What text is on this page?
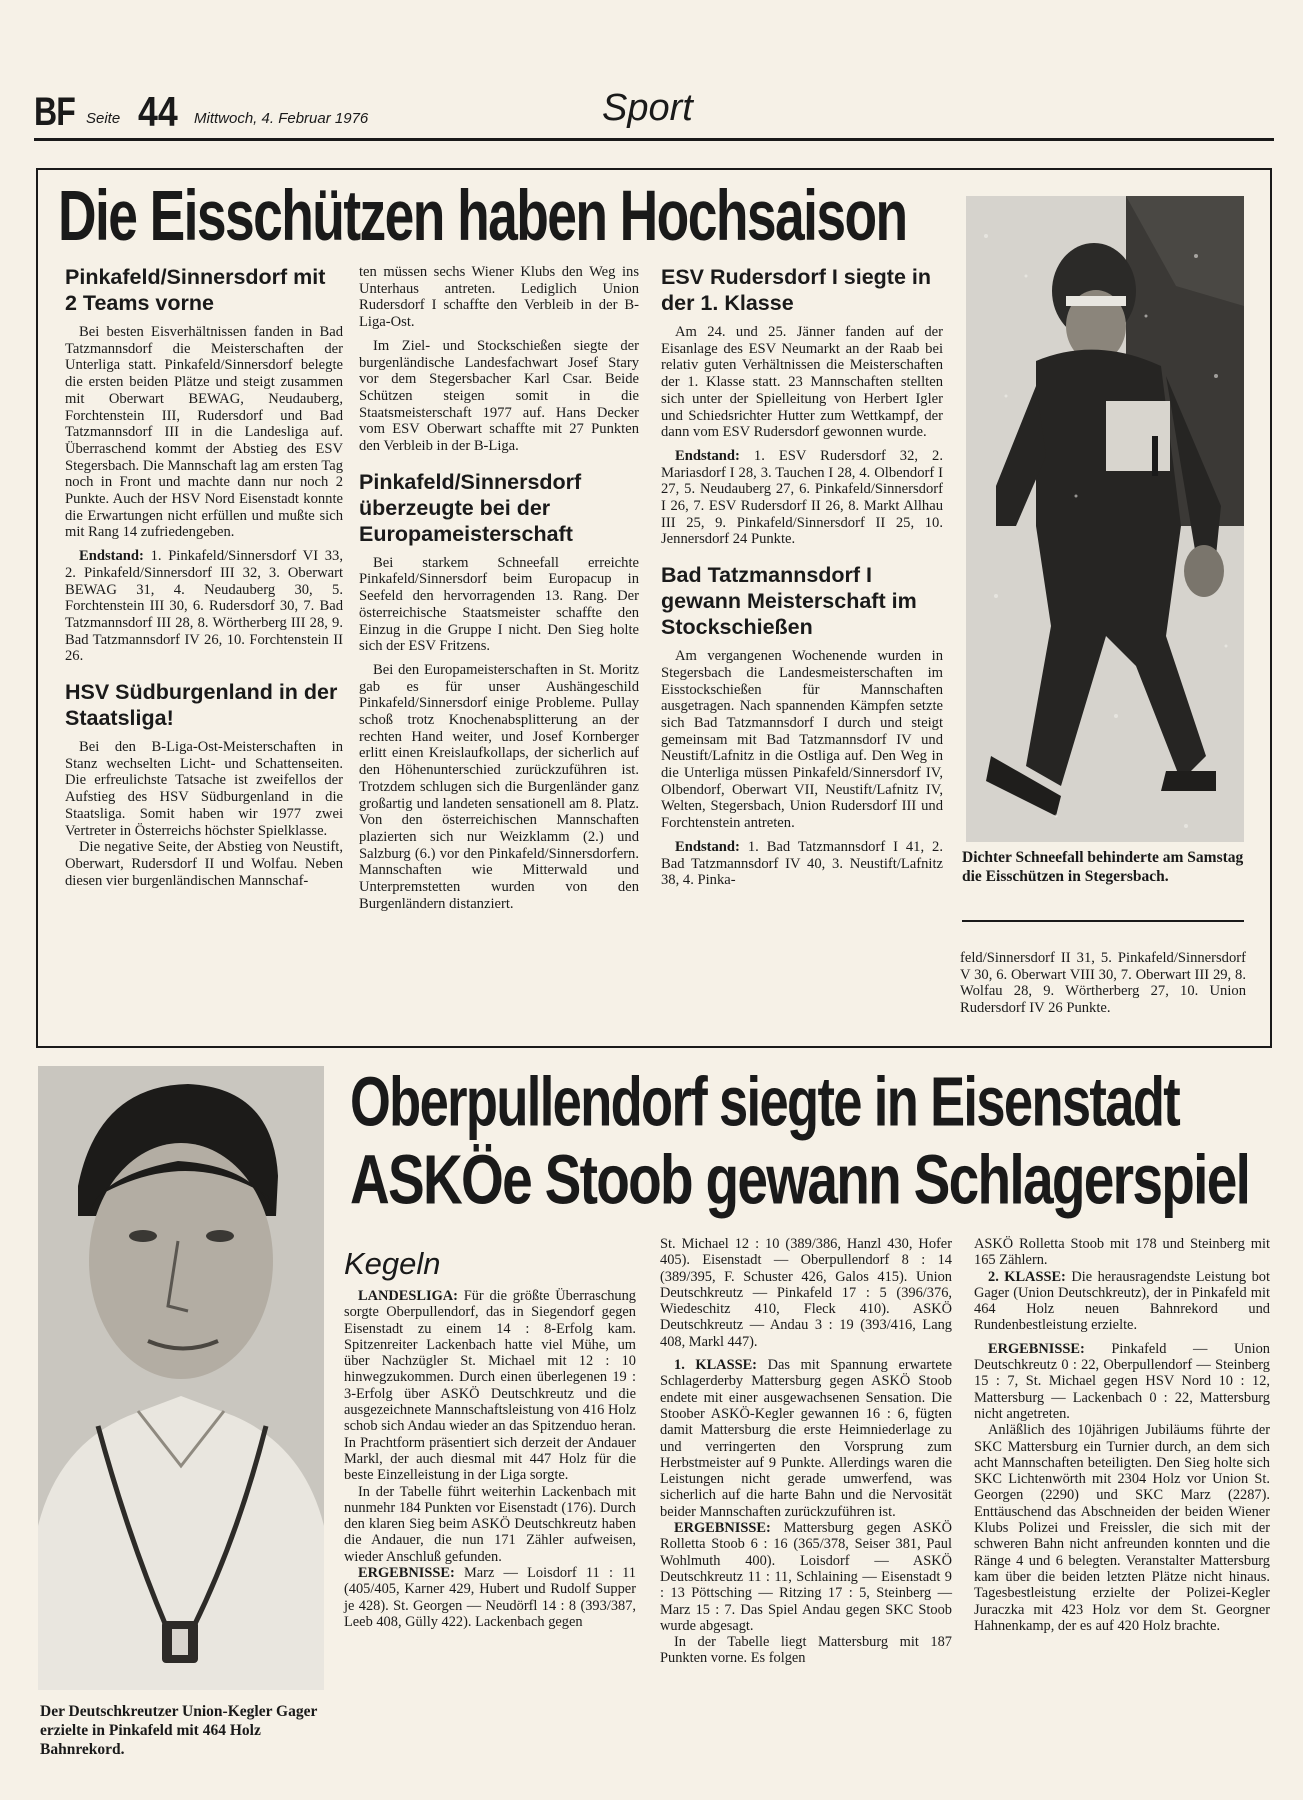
BF Seite 44 Mittwoch, 4. Februar 1976	Sport
Die Eisschützen haben Hochsaison
Pinkafeld/Sinnersdorf mit 2 Teams vorne

Bei besten Eisverhältnissen fanden in Bad Tatzmannsdorf die Meisterschaften der Unterliga statt. Pinkafeld/Sinnersdorf belegte die ersten beiden Plätze und steigt zusammen mit Oberwart BEWAG, Neudauberg, Forchtenstein III, Rudersdorf und Bad Tatzmannsdorf III in die Landesliga auf. Überraschend kommt der Abstieg des ESV Stegersbach. Die Mannschaft lag am ersten Tag noch in Front und machte dann nur noch 2 Punkte. Auch der HSV Nord Eisenstadt konnte die Erwartungen nicht erfüllen und mußte sich mit Rang 14 zufriedengeben.

Endstand: 1. Pinkafeld/Sinnersdorf VI 33, 2. Pinkafeld/Sinnersdorf III 32, 3. Oberwart BEWAG 31, 4. Neudauberg 30, 5. Forchtenstein III 30, 6. Rudersdorf 30, 7. Bad Tatzmannsdorf III 28, 8. Wörtherberg III 28, 9. Bad Tatzmannsdorf IV 26, 10. Forchtenstein II 26.

HSV Südburgenland in der Staatsliga!

Bei den B-Liga-Ost-Meisterschaften in Stanz wechselten Licht- und Schattenseiten. Die erfreulichste Tatsache ist zweifellos der Aufstieg des HSV Südburgenland in die Staatsliga. Somit haben wir 1977 zwei Vertreter in Österreichs höchster Spielklasse.

Die negative Seite, der Abstieg von Neustift, Oberwart, Rudersdorf II und Wolfau. Neben diesen vier burgenländischen Mannschaf-

ten müssen sechs Wiener Klubs den Weg ins Unterhaus antreten. Lediglich Union Rudersdorf I schaffte den Verbleib in der B-Liga-Ost.

Im Ziel- und Stockschießen siegte der burgenländische Landesfachwart Josef Stary vor dem Stegersbacher Karl Csar. Beide Schützen steigen somit in die Staatsmeisterschaft 1977 auf. Hans Decker vom ESV Oberwart schaffte mit 27 Punkten den Verbleib in der B-Liga.

Pinkafeld/Sinnersdorf überzeugte bei der Europameisterschaft

Bei starkem Schneefall erreichte Pinkafeld/Sinnersdorf beim Europacup in Seefeld den hervorragenden 13. Rang. Der österreichische Staatsmeister schaffte den Einzug in die Gruppe I nicht. Den Sieg holte sich der ESV Fritzens.

Bei den Europameisterschaften in St. Moritz gab es für unser Aushängeschild Pinkafeld/Sinnersdorf einige Probleme. Pullay schoß trotz Knochenabsplitterung an der rechten Hand weiter, und Josef Kornberger erlitt einen Kreislaufkollaps, der sicherlich auf den Höhenunterschied zurückzuführen ist. Trotzdem schlugen sich die Burgenländer ganz großartig und landeten sensationell am 8. Platz. Von den österreichischen Mannschaften plazierten sich nur Weizklamm (2.) und Salzburg (6.) vor den Pinkafeld/Sinnersdorfern. Mannschaften wie Mitterwald und Unterpremstetten wurden von den Burgenländern distanziert.

ESV Rudersdorf I siegte in der 1. Klasse

Am 24. und 25. Jänner fanden auf der Eisanlage des ESV Neumarkt an der Raab bei relativ guten Verhältnissen die Meisterschaften der 1. Klasse statt. 23 Mannschaften stellten sich unter der Spielleitung von Herbert Igler und Schiedsrichter Hutter zum Wettkampf, der dann vom ESV Rudersdorf gewonnen wurde.

Endstand: 1. ESV Rudersdorf 32, 2. Mariasdorf I 28, 3. Tauchen I 28, 4. Olbendorf I 27, 5. Neudauberg 27, 6. Pinkafeld/Sinnersdorf I 26, 7. ESV Rudersdorf II 26, 8. Markt Allhau III 25, 9. Pinkafeld/Sinnersdorf II 25, 10. Jennersdorf 24 Punkte.

Bad Tatzmannsdorf I gewann Meisterschaft im Stockschießen

Am vergangenen Wochenende wurden in Stegersbach die Landesmeisterschaften im Eisstockschießen für Mannschaften ausgetragen. Nach spannenden Kämpfen setzte sich Bad Tatzmannsdorf I durch und steigt gemeinsam mit Bad Tatzmannsdorf IV und Neustift/Lafnitz in die Ostliga auf. Den Weg in die Unterliga müssen Pinkafeld/Sinnersdorf IV, Olbendorf, Oberwart VII, Neustift/Lafnitz IV, Welten, Stegersbach, Union Rudersdorf III und Forchtenstein antreten.

Endstand: 1. Bad Tatzmannsdorf I 41, 2. Bad Tatzmannsdorf IV 40, 3. Neustift/Lafnitz 38, 4. Pinka-

Dichter Schneefall behinderte am Samstag die Eisschützen in Stegersbach.

feld/Sinnersdorf II 31, 5. Pinkafeld/Sinnersdorf V 30, 6. Oberwart VIII 30, 7. Oberwart III 29, 8. Wolfau 28, 9. Wörtherberg 27, 10. Union Rudersdorf IV 26 Punkte.

Der Deutschkreutzer Union-Kegler Gager erzielte in Pinkafeld mit 464 Holz Bahnrekord.
Oberpullendorf siegte in Eisenstadt
ASKÖe Stoob gewann Schlagerspiel
Kegeln

LANDESLIGA: Für die größte Überraschung sorgte Oberpullendorf, das in Siegendorf gegen Eisenstadt zu einem 14 : 8-Erfolg kam. Spitzenreiter Lackenbach hatte viel Mühe, um über Nachzügler St. Michael mit 12 : 10 hinwegzukommen. Durch einen überlegenen 19 : 3-Erfolg über ASKÖ Deutschkreutz und die ausgezeichnete Mannschaftsleistung von 416 Holz schob sich Andau wieder an das Spitzenduo heran. In Prachtform präsentiert sich derzeit der Andauer Markl, der auch diesmal mit 447 Holz für die beste Einzelleistung in der Liga sorgte.

In der Tabelle führt weiterhin Lackenbach mit nunmehr 184 Punkten vor Eisenstadt (176). Durch den klaren Sieg beim ASKÖ Deutschkreutz haben die Andauer, die nun 171 Zähler aufweisen, wieder Anschluß gefunden.

ERGEBNISSE: Marz — Loisdorf 11 : 11 (405/405, Karner 429, Hubert und Rudolf Supper je 428). St. Georgen — Neudörfl 14 : 8 (393/387, Leeb 408, Gülly 422). Lackenbach gegen

St. Michael 12 : 10 (389/386, Hanzl 430, Hofer 405). Eisenstadt — Oberpullendorf 8 : 14 (389/395, F. Schuster 426, Galos 415). Union Deutschkreutz — Pinkafeld 17 : 5 (396/376, Wiedeschitz 410, Fleck 410). ASKÖ Deutschkreutz — Andau 3 : 19 (393/416, Lang 408, Markl 447).

1. KLASSE: Das mit Spannung erwartete Schlagerderby Mattersburg gegen ASKÖ Stoob endete mit einer ausgewachsenen Sensation. Die Stoober ASKÖ-Kegler gewannen 16 : 6, fügten damit Mattersburg die erste Heimniederlage zu und verringerten den Vorsprung zum Herbstmeister auf 9 Punkte. Allerdings waren die Leistungen nicht gerade umwerfend, was sicherlich auf die harte Bahn und die Nervosität beider Mannschaften zurückzuführen ist.

ERGEBNISSE: Mattersburg gegen ASKÖ Rolletta Stoob 6 : 16 (365/378, Seiser 381, Paul Wohlmuth 400). Loisdorf — ASKÖ Deutschkreutz 11 : 11, Schlaining — Eisenstadt 9 : 13 Pöttsching — Ritzing 17 : 5, Steinberg — Marz 15 : 7. Das Spiel Andau gegen SKC Stoob wurde abgesagt.

In der Tabelle liegt Mattersburg mit 187 Punkten vorne. Es folgen

ASKÖ Rolletta Stoob mit 178 und Steinberg mit 165 Zählern.

2. KLASSE: Die herausragendste Leistung bot Gager (Union Deutschkreutz), der in Pinkafeld mit 464 Holz neuen Bahnrekord und Rundenbestleistung erzielte.

ERGEBNISSE: Pinkafeld — Union Deutschkreutz 0 : 22, Oberpullendorf — Steinberg 15 : 7, St. Michael gegen HSV Nord 10 : 12, Mattersburg — Lackenbach 0 : 22, Mattersburg nicht angetreten.

Anläßlich des 10jährigen Jubiläums führte der SKC Mattersburg ein Turnier durch, an dem sich acht Mannschaften beteiligten. Den Sieg holte sich SKC Lichtenwörth mit 2304 Holz vor Union St. Georgen (2290) und SKC Marz (2287). Enttäuschend das Abschneiden der beiden Wiener Klubs Polizei und Freissler, die sich mit der schweren Bahn nicht anfreunden konnten und die Ränge 4 und 6 belegten. Veranstalter Mattersburg kam über die beiden letzten Plätze nicht hinaus. Tagesbestleistung erzielte der Polizei-Kegler Juraczka mit 423 Holz vor dem St. Georgner Hahnenkamp, der es auf 420 Holz brachte.
